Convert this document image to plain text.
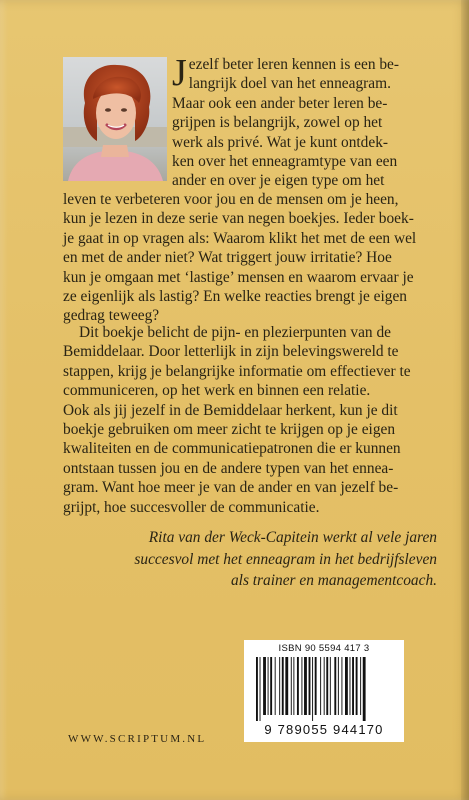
J ezelf beter leren kennen is een be-
langrijk doel van het enneagram.
Maar ook een ander beter leren be-
grijpen is belangrijk, zowel op het
werk als privé. Wat je kunt ontdek-
ken over het enneagramtype van een
ander en over je eigen type om het
leven te verbeteren voor jou en de mensen om je heen,
kun je lezen in deze serie van negen boekjes. Ieder boek-
je gaat in op vragen als: Waarom klikt het met de een wel
en met de ander niet? Wat triggert jouw irritatie? Hoe
kun je omgaan met ‘lastige’ mensen en waarom ervaar je
ze eigenlijk als lastig? En welke reacties brengt je eigen
gedrag teweeg?
Dit boekje belicht de pijn- en plezierpunten van de
Bemiddelaar. Door letterlijk in zijn belevingswereld te
stappen, krijg je belangrijke informatie om effectiever te
communiceren, op het werk en binnen een relatie.
Ook als jij jezelf in de Bemiddelaar herkent, kun je dit
boekje gebruiken om meer zicht te krijgen op je eigen
kwaliteiten en de communicatiepatronen die er kunnen
ontstaan tussen jou en de andere typen van het ennea-
gram. Want hoe meer je van de ander en van jezelf be-
grijpt, hoe succesvoller de communicatie.
Rita van der Weck-Capitein werkt al vele jaren
succesvol met het enneagram in het bedrijfsleven
als trainer en managementcoach.
ISBN 90 5594 417 3
9 789055 944170
WWW.SCRIPTUM.NL
